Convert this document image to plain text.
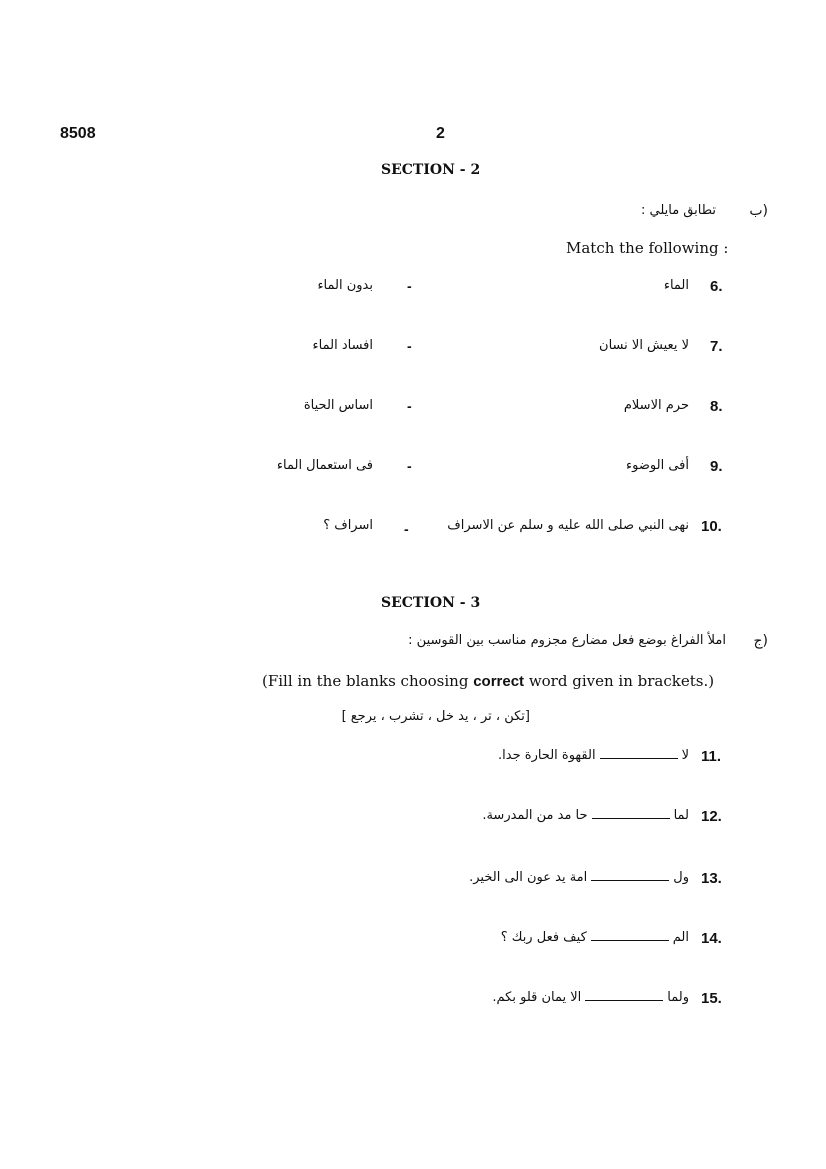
8508	2
SECTION - 2
(ب
تطابق مايلي :
Match the following :
6.
الماء
-
بدون الماء
7.
لا يعيش الا نسان
-
افساد الماء
8.
حرم الاسلام
-
اساس الحياة
9.
أفى الوضوء
-
فى استعمال الماء
10.
نهى النبي صلى الله عليه و سلم عن الاسراف
-
اسراف ؟
SECTION - 3
(ج
املأ الفراغ بوضع فعل مضارع مجزوم مناسب بين القوسين :
(Fill in the blanks choosing correct word given in brackets.)
[تكن ، تر ، يد خل ، تشرب ، يرجع ]
11.
لاالقهوة الحارة جدا.
12.
لماحا مد من المدرسة.
13.
ولامة يد عون الى الخير.
14.
المكيف فعل ربك ؟
15.
ولماالا يمان قلو بكم.
